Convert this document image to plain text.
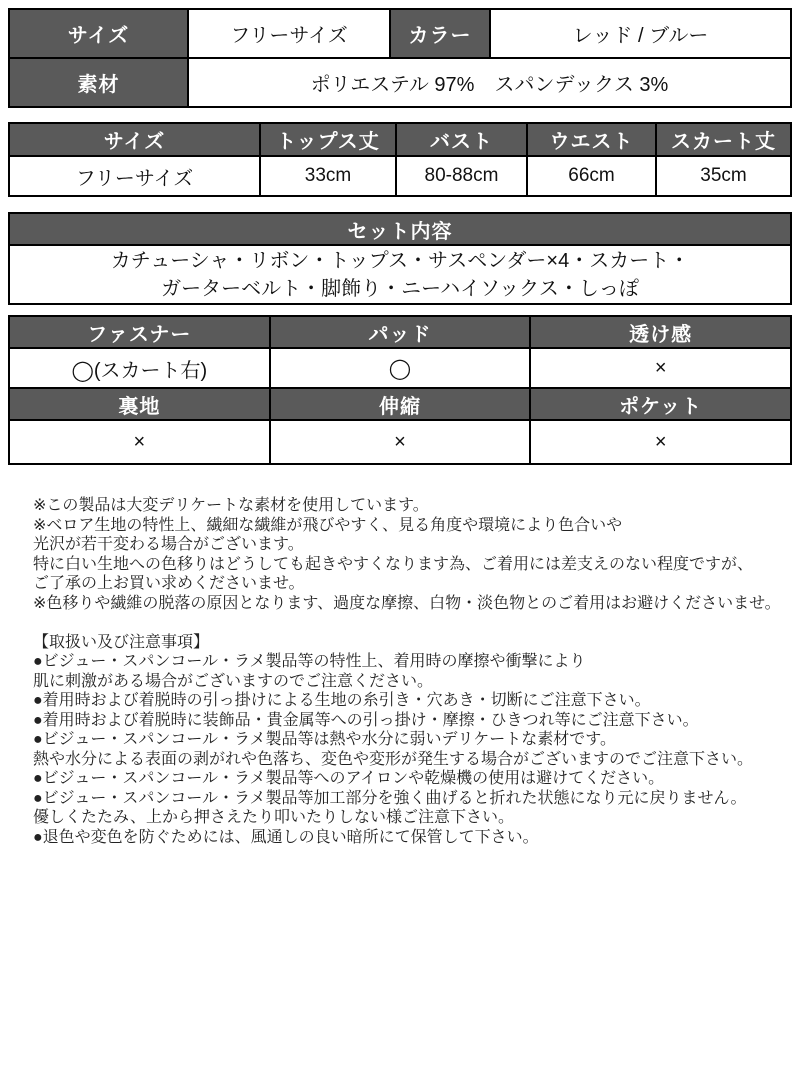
サイズ	フリーサイズ	カラー	レッド / ブルー
素材	ポリエステル 97%　スパンデックス 3%
サイズ	トップス丈	バスト	ウエスト	スカート丈
フリーサイズ	33cm	80-88cm	66cm	35cm
セット内容
カチューシャ・リボン・トップス・サスペンダー×4・スカート・
ガーターベルト・脚飾り・ニーハイソックス・しっぽ
ファスナー	パッド	透け感
◯(スカート右)	◯	×
裏地	伸縮	ポケット
×	×	×
※この製品は大変デリケートな素材を使用しています。
※ベロア生地の特性上、繊細な繊維が飛びやすく、見る角度や環境により色合いや
光沢が若干変わる場合がございます。
特に白い生地への色移りはどうしても起きやすくなります為、ご着用には差支えのない程度ですが、
ご了承の上お買い求めくださいませ。
※色移りや繊維の脱落の原因となります、過度な摩擦、白物・淡色物とのご着用はお避けくださいませ。
【取扱い及び注意事項】
●ビジュー・スパンコール・ラメ製品等の特性上、着用時の摩擦や衝撃により
肌に刺激がある場合がございますのでご注意ください。
●着用時および着脱時の引っ掛けによる生地の糸引き・穴あき・切断にご注意下さい。
●着用時および着脱時に装飾品・貴金属等への引っ掛け・摩擦・ひきつれ等にご注意下さい。
●ビジュー・スパンコール・ラメ製品等は熱や水分に弱いデリケートな素材です。
熱や水分による表面の剥がれや色落ち、変色や変形が発生する場合がございますのでご注意下さい。
●ビジュー・スパンコール・ラメ製品等へのアイロンや乾燥機の使用は避けてください。
●ビジュー・スパンコール・ラメ製品等加工部分を強く曲げると折れた状態になり元に戻りません。
優しくたたみ、上から押さえたり叩いたりしない様ご注意下さい。
●退色や変色を防ぐためには、風通しの良い暗所にて保管して下さい。
